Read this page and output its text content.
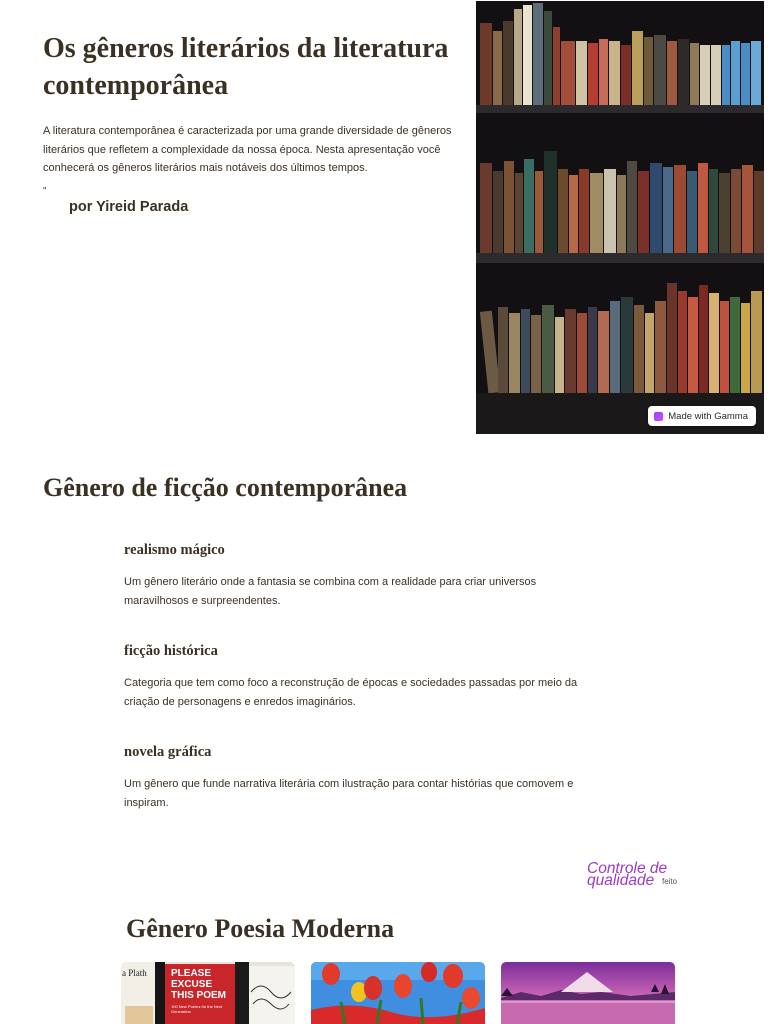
Os gêneros literários da literatura contemporânea

A literatura contemporânea é caracterizada por uma grande diversidade de gêneros literários que refletem a complexidade da nossa época. Nesta apresentação você conhecerá os gêneros literários mais notáveis dos últimos tempos.

"
por Yireid Parada
Made with Gamma
Gênero de ficção contemporânea
realismo mágico

Um gênero literário onde a fantasia se combina com a realidade para criar universos maravilhosos e surpreendentes.

ficção histórica

Categoria que tem como foco a reconstrução de épocas e sociedades passadas por meio da criação de personagens e enredos imaginários.

novela gráfica

Um gênero que funde narrativa literária com ilustração para contar histórias que comovem e inspiram.

Controle de
qualidade feito
Gênero Poesia Moderna
PLEASE EXCUSE THIS POEM
100 New Poems for the Next Generation
a Plath
